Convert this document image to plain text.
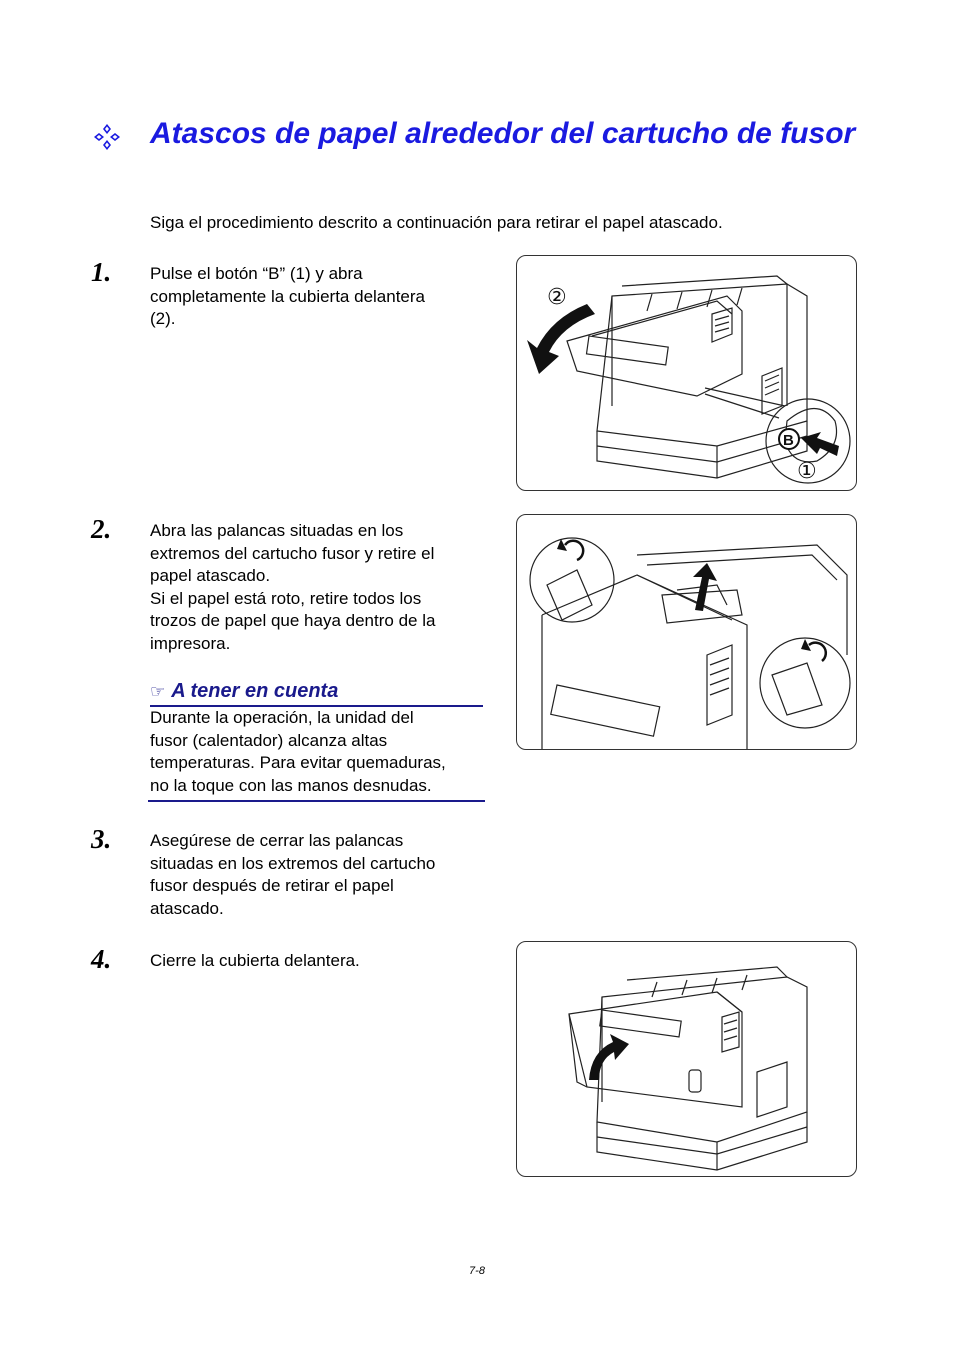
Atascos de papel alrededor del cartucho de fusor
Siga el procedimiento descrito a continuación para retirar el papel atascado.
1. Pulse el botón “B” (1) y abra
completamente la cubierta delantera
(2).
B
②
①
2. Abra las palancas situadas en los
extremos del cartucho fusor y retire el
papel atascado.
Si el papel está roto, retire todos los
trozos de papel que haya dentro de la
impresora.
☞ A tener en cuenta
Durante la operación, la unidad del
fusor (calentador) alcanza altas
temperaturas. Para evitar quemaduras,
no la toque con las manos desnudas.
3. Asegúrese de cerrar las palancas
situadas en los extremos del cartucho
fusor después de retirar el papel
atascado.
4. Cierre la cubierta delantera.
7-8
